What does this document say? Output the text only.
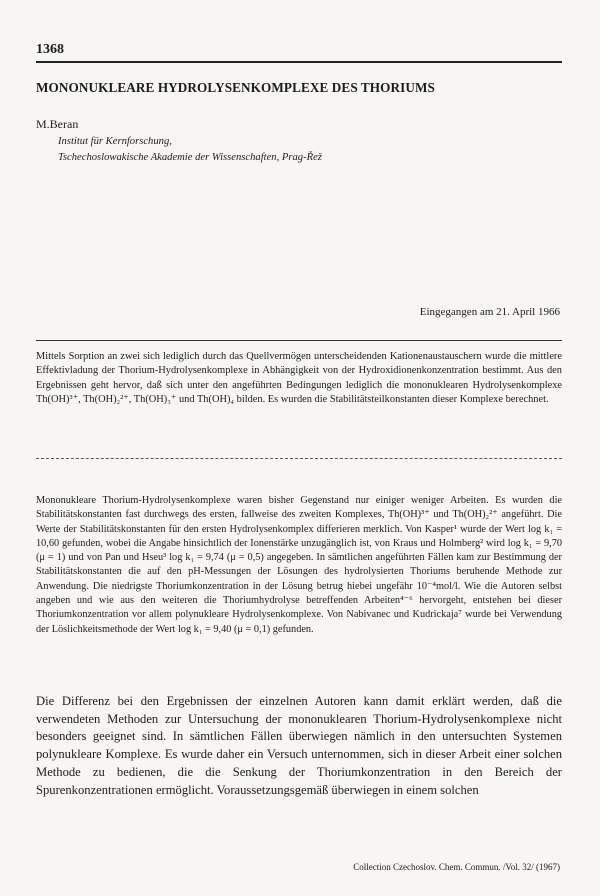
1368
MONONUKLEARE HYDROLYSENKOMPLEXE DES THORIUMS
M.Beran
Institut für Kernforschung,
Tschechoslowakische Akademie der Wissenschaften, Prag-Řež
Eingegangen am 21. April 1966

Mittels Sorption an zwei sich lediglich durch das Quellvermögen unterscheidenden Kationenaustauschern wurde die mittlere Effektivladung der Thorium-Hydrolysenkomplexe in Abhängigkeit von der Hydroxidionenkonzentration bestimmt. Aus den Ergebnissen geht hervor, daß sich unter den angeführten Bedingungen lediglich die mononuklearen Hydrolysenkomplexe Th(OH)³⁺, Th(OH)₂²⁺, Th(OH)₃⁺ und Th(OH)₄ bilden. Es wurden die Stabilitätsteilkonstanten dieser Komplexe berechnet.

Mononukleare Thorium-Hydrolysenkomplexe waren bisher Gegenstand nur einiger weniger Arbeiten. Es wurden die Stabilitätskonstanten fast durchwegs des ersten, fallweise des zweiten Komplexes, Th(OH)³⁺ und Th(OH)₂²⁺ angeführt. Die Werte der Stabilitätskonstanten für den ersten Hydrolysenkomplex differieren merklich. Von Kasper¹ wurde der Wert log k₁ = 10,60 gefunden, wobei die Angabe hinsichtlich der Ionenstärke unzugänglich ist, von Kraus und Holmberg² wird log k₁ = 9,70 (μ = 1) und von Pan und Hseu³ log k₁ = 9,74 (μ = 0,5) angegeben. In sämtlichen angeführten Fällen kam zur Bestimmung der Stabilitätskonstanten die auf den pH-Messungen der Lösungen des hydrolysierten Thoriums beruhende Methode zur Anwendung. Die niedrigste Thoriumkonzentration in der Lösung betrug hiebei ungefähr 10⁻⁴mol/l. Wie die Autoren selbst angeben und wie aus den weiteren die Thoriumhydrolyse betreffenden Arbeiten⁴⁻⁶ hervorgeht, entstehen bei dieser Thoriumkonzentration vor allem polynukleare Hydrolysenkomplexe. Von Nabivanec und Kudrickaja⁷ wurde bei Verwendung der Löslichkeitsmethode der Wert log k₁ = 9,40 (μ = 0,1) gefunden.

Die Differenz bei den Ergebnissen der einzelnen Autoren kann damit erklärt werden, daß die verwendeten Methoden zur Untersuchung der mononuklearen Thorium-Hydrolysenkomplexe nicht besonders geeignet sind. In sämtlichen Fällen überwiegen nämlich in den untersuchten Systemen polynukleare Komplexe. Es wurde daher ein Versuch unternommen, sich in dieser Arbeit einer solchen Methode zu bedienen, die die Senkung der Thoriumkonzentration in den Bereich der Spurenkonzentrationen ermöglicht. Voraussetzungsgemäß überwiegen in einem solchen

Collection Czechoslov. Chem. Commun. /Vol. 32/ (1967)
